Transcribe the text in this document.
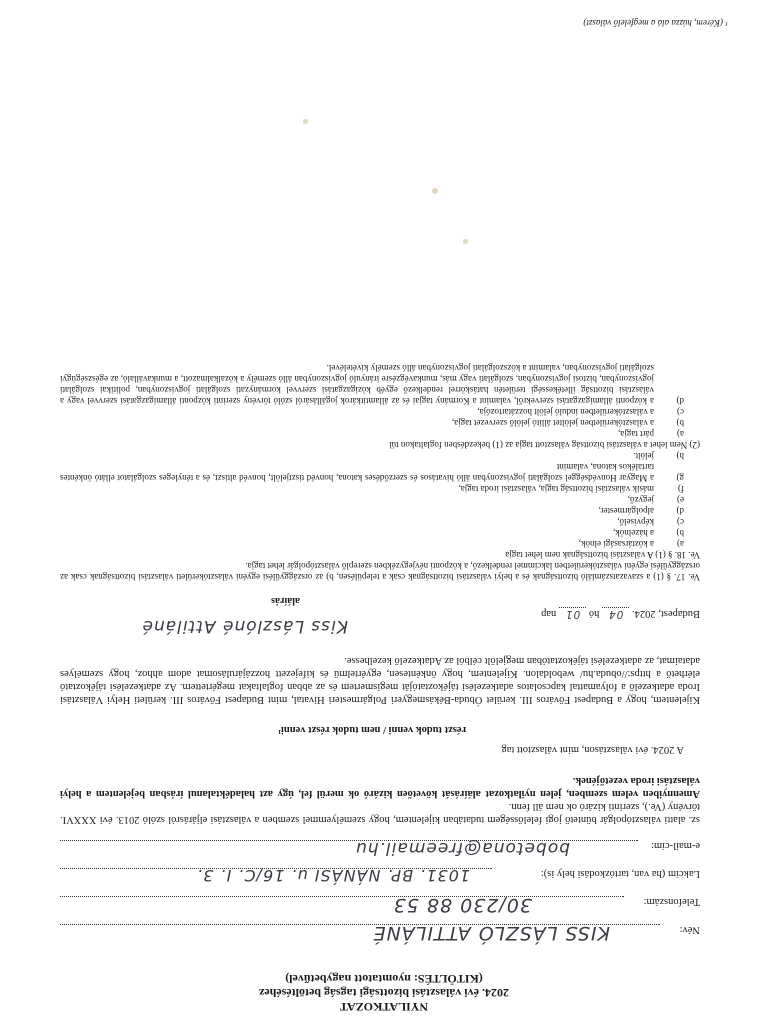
NYILATKOZAT
2024. évi választási bizottsági tagság betöltéséhez
(KITÖLTÉS: nyomtatott nagybetűvel)
Név:
KISS LÁSZLÓ ATTILÁNÉ
Telefonszám:
30/230 88 53
Lakcím (ha van, tartózkodási hely is):
1031. BP. NÁNÁSI u. 16/C. I. 3.
e-mail-cím:
bobetona@freemail.hu
sz. alatti választópolgár büntető jogi felelősségem tudatában kijelentem, hogy személyemmel szemben a választási eljárásról szóló 2013. évi XXXVI. törvény (Ve.), szerinti kizáró ok nem áll fenn.
Amennyiben velem szemben, jelen nyilatkozat aláírását követően kizáró ok merül fel, úgy azt haladéktalanul írásban bejelentem a helyi választási iroda vezetőjének.
A 2024. évi választáson, mint választott tag
részt tudok venni / nem tudok részt venni¹
Kijelentem, hogy a Budapest Főváros III. kerület Óbuda-Békásmegyeri Polgármesteri Hivatal, mint Budapest Főváros III. kerületi Helyi Választási Iroda adatkezelő a folyamattal kapcsolatos adatkezelési tájékoztatóját megismertem és az abban foglaltakat megértettem. Az adatkezelési tájékoztató elérhető a https://obuda.hu/ weboldalon. Kijelentem, hogy önkéntesen, egyértelmű és kifejezett hozzájárulásomat adom ahhoz, hogy személyes adataimat, az adatkezelési tájékoztatóban megjelölt célból az Adatkezelő kezelhesse.
Budapest, 2024. 04 hó 01 nap
Kiss Lászlóné Attiláné
aláírás
Ve. 17. § (1) a szavazatszámláló bizottságnak és a helyi választási bizottságnak csak a településen, b) az országgyűlési egyéni választókerületi választási bizottságnak csak az országgyűlési egyéni választókerületben lakcímmel rendelkező, a központi névjegyzékben szereplő választópolgár lehet tagja.
Ve. 18. § (1) A választási bizottságnak nem lehet tagja
a)
a köztársasági elnök,
b)
a házelnök,
c)
képviselő,
d)
alpolgármester,
e)
jegyző,
f)
másik választási bizottság tagja, választási iroda tagja,
g)
a Magyar Honvédséggel szolgálati jogviszonyban álló hivatásos és szerződéses katona, honvéd tisztjelölt, honvéd altiszt, és a tényleges szolgálatot ellátó önkéntes tartalékos katona, valamint
h)
jelölt.
(2) Nem lehet a választási bizottság választott tagja az (1) bekezdésben foglaltakon túl
a)
párt tagja,
b)
a választókerületben jelöltet állító jelölő szervezet tagja,
c)
a választókerületben induló jelölt hozzátartozója,
d)
a központi államigazgatási szervekről, valamint a Kormány tagjai és az államtitkárok jogállásáról szóló törvény szerinti központi államigazgatási szervvel vagy a választási bizottság illetékességi területén hatáskörrel rendelkező egyéb közigazgatási szervvel kormányzati szolgálati jogviszonyban, politikai szolgálati jogviszonyban, biztosi jogviszonyban, szolgálati vagy más, munkavégzésre irányuló jogviszonyban álló személy a közalkalmazott, a munkavállaló, az egészségügyi szolgálati jogviszonyban, valamint a közszolgálati jogviszonyban álló személy kivételével.
¹ (Kérem, húzza alá a megfelelő választ)
